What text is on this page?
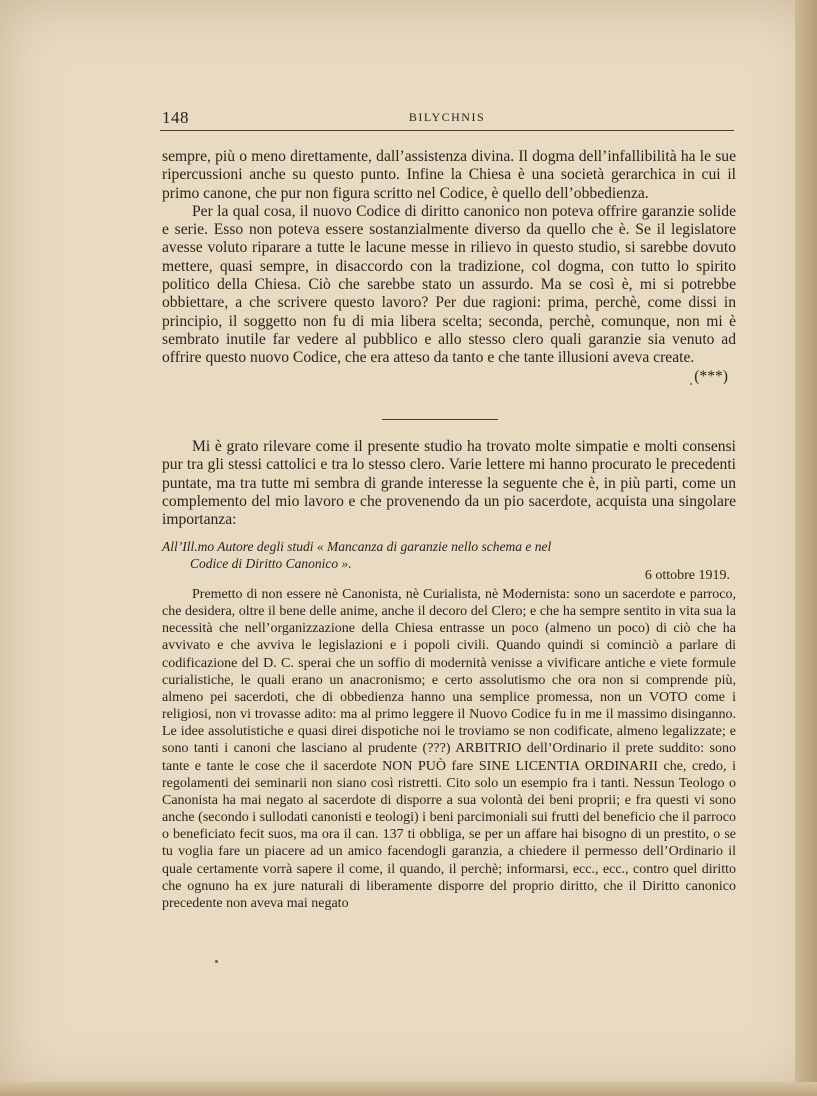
148	BILYCHNIS

sempre, più o meno direttamente, dall’assistenza divina. Il dogma dell’infallibilità ha le sue ripercussioni anche su questo punto. Infine la Chiesa è una società gerarchica in cui il primo canone, che pur non figura scritto nel Codice, è quello dell’obbedienza.

Per la qual cosa, il nuovo Codice di diritto canonico non poteva offrire garanzie solide e serie. Esso non poteva essere sostanzialmente diverso da quello che è. Se il legislatore avesse voluto riparare a tutte le lacune messe in rilievo in questo studio, si sarebbe dovuto mettere, quasi sempre, in disaccordo con la tradizione, col dogma, con tutto lo spirito politico della Chiesa. Ciò che sarebbe stato un assurdo. Ma se così è, mi si potrebbe obbiettare, a che scrivere questo lavoro? Per due ragioni: prima, perchè, come dissi in principio, il soggetto non fu di mia libera scelta; seconda, perchè, comunque, non mi è sembrato inutile far vedere al pubblico e allo stesso clero quali garanzie sia venuto ad offrire questo nuovo Codice, che era atteso da tanto e che tante illusioni aveva create.

(***)

Mi è grato rilevare come il presente studio ha trovato molte simpatie e molti consensi pur tra gli stessi cattolici e tra lo stesso clero. Varie lettere mi hanno procurato le precedenti puntate, ma tra tutte mi sembra di grande interesse la seguente che è, in più parti, come un complemento del mio lavoro e che provenendo da un pio sacerdote, acquista una singolare importanza:
All’Ill.mo Autore degli studi « Mancanza di garanzie nello schema e nel
Codice di Diritto Canonico ».
6 ottobre 1919.
Premetto di non essere nè Canonista, nè Curialista, nè Modernista: sono un sacerdote e parroco, che desidera, oltre il bene delle anime, anche il decoro del Clero; e che ha sempre sentito in vita sua la necessità che nell’organizzazione della Chiesa entrasse un poco (almeno un poco) di ciò che ha avvivato e che avviva le legislazioni e i popoli civili. Quando quindi si cominciò a parlare di codificazione del D. C. sperai che un soffio di modernità venisse a vivificare antiche e viete formule curialistiche, le quali erano un anacronismo; e certo assolutismo che ora non si comprende più, almeno pei sacerdoti, che di obbedienza hanno una semplice promessa, non un VOTO come i religiosi, non vi trovasse adito: ma al primo leggere il Nuovo Codice fu in me il massimo disinganno. Le idee assolutistiche e quasi direi dispotiche noi le troviamo se non codificate, almeno legalizzate; e sono tanti i canoni che lasciano al prudente (???) ARBITRIO dell’Ordinario il prete suddito: sono tante e tante le cose che il sacerdote NON PUÒ fare SINE LICENTIA ORDINARII che, credo, i regolamenti dei seminarii non siano così ristretti. Cito solo un esempio fra i tanti. Nessun Teologo o Canonista ha mai negato al sacerdote di disporre a sua volontà dei beni proprii; e fra questi vi sono anche (secondo i sullodati canonisti e teologi) i beni parcimoniali sui frutti del beneficio che il parroco o beneficiato fecit suos, ma ora il can. 137 ti obbliga, se per un affare hai bisogno di un prestito, o se tu voglia fare un piacere ad un amico facendogli garanzia, a chiedere il permesso dell’Ordinario il quale certamente vorrà sapere il come, il quando, il perchè; informarsi, ecc., ecc., contro quel diritto che ognuno ha ex jure naturali di liberamente disporre del proprio diritto, che il Diritto canonico precedente non aveva mai negato
